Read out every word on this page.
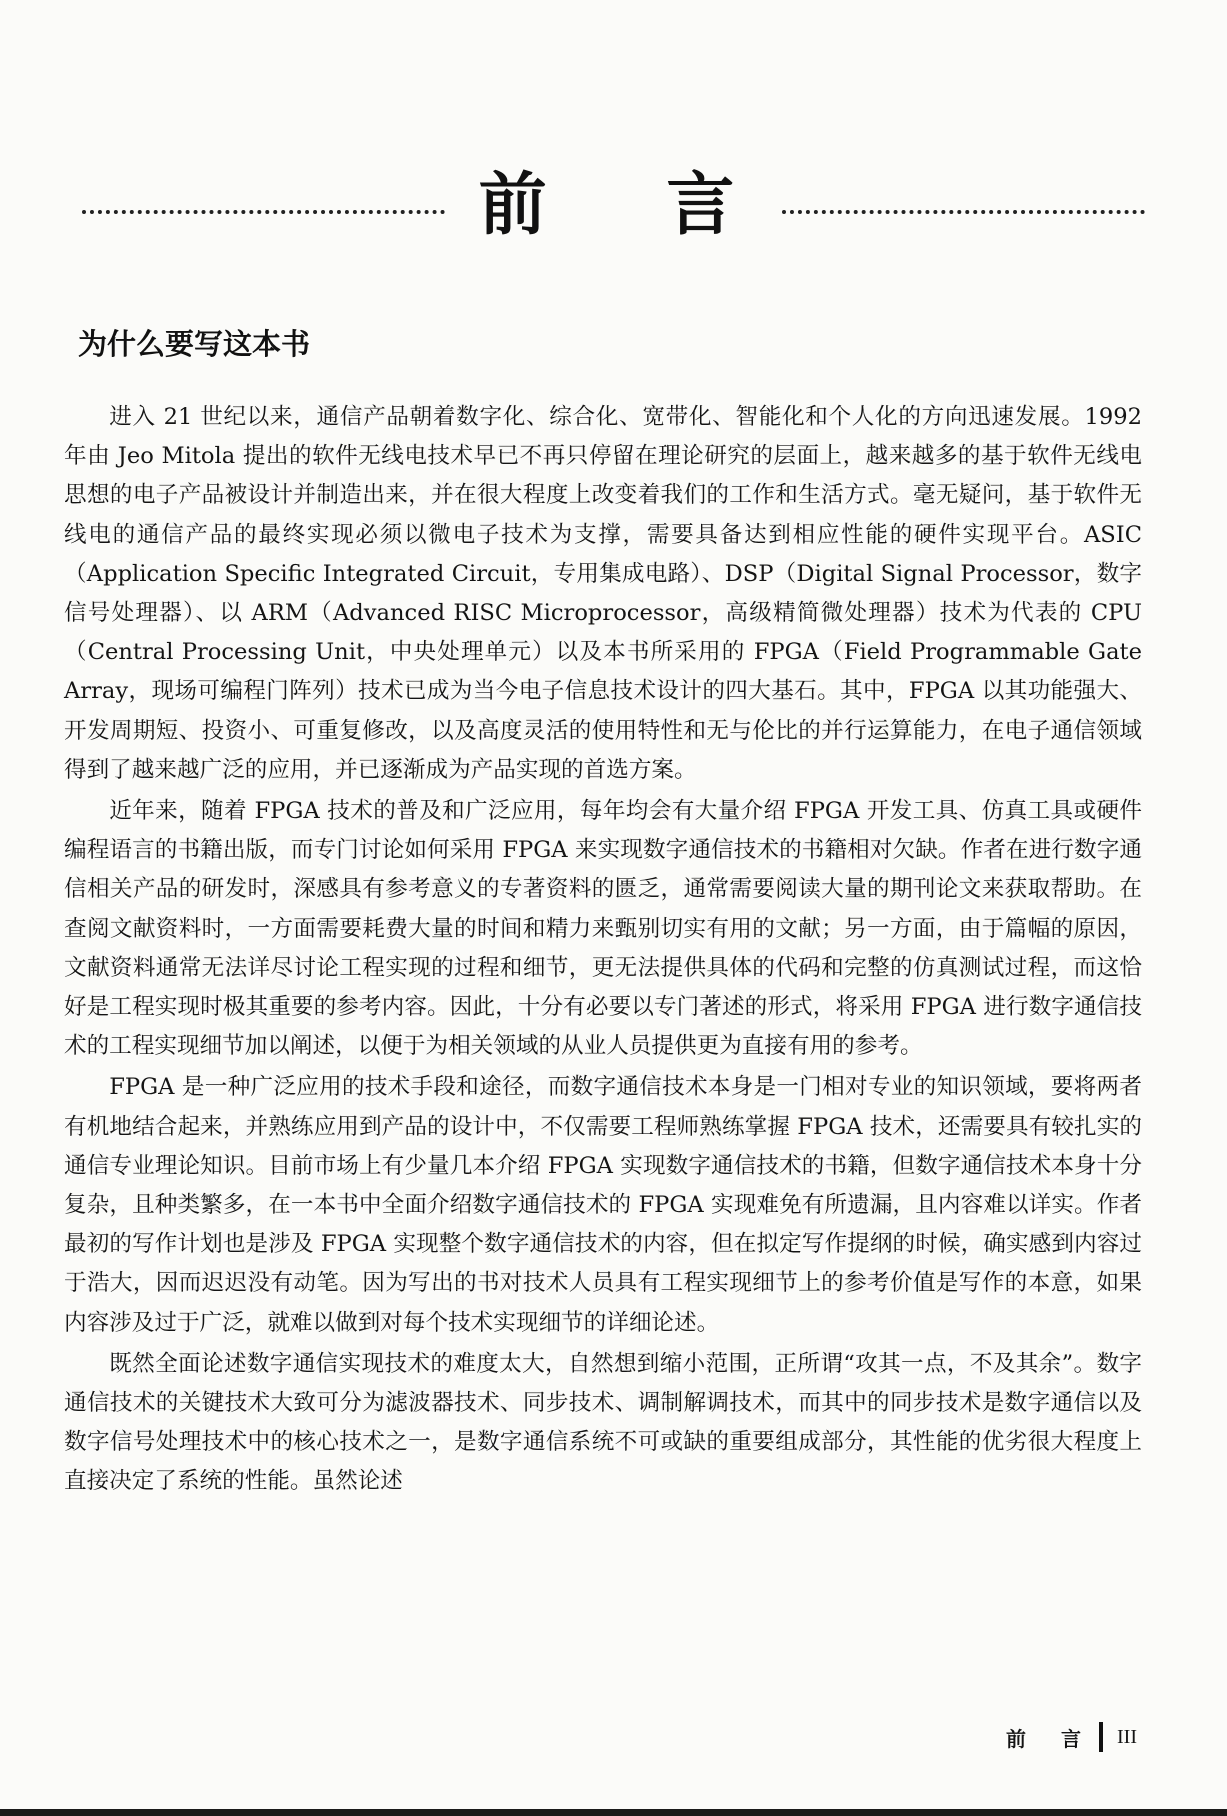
前 言
为什么要写这本书

进入 21 世纪以来，通信产品朝着数字化、综合化、宽带化、智能化和个人化的方向迅速发展。1992 年由 Jeo Mitola 提出的软件无线电技术早已不再只停留在理论研究的层面上，越来越多的基于软件无线电思想的电子产品被设计并制造出来，并在很大程度上改变着我们的工作和生活方式。毫无疑问，基于软件无线电的通信产品的最终实现必须以微电子技术为支撑，需要具备达到相应性能的硬件实现平台。ASIC（Application Specific Integrated Circuit，专用集成电路）、DSP（Digital Signal Processor，数字信号处理器）、以 ARM（Advanced RISC Microprocessor，高级精简微处理器）技术为代表的 CPU（Central Processing Unit，中央处理单元）以及本书所采用的 FPGA（Field Programmable Gate Array，现场可编程门阵列）技术已成为当今电子信息技术设计的四大基石。其中，FPGA 以其功能强大、开发周期短、投资小、可重复修改，以及高度灵活的使用特性和无与伦比的并行运算能力，在电子通信领域得到了越来越广泛的应用，并已逐渐成为产品实现的首选方案。

近年来，随着 FPGA 技术的普及和广泛应用，每年均会有大量介绍 FPGA 开发工具、仿真工具或硬件编程语言的书籍出版，而专门讨论如何采用 FPGA 来实现数字通信技术的书籍相对欠缺。作者在进行数字通信相关产品的研发时，深感具有参考意义的专著资料的匮乏，通常需要阅读大量的期刊论文来获取帮助。在查阅文献资料时，一方面需要耗费大量的时间和精力来甄别切实有用的文献；另一方面，由于篇幅的原因，文献资料通常无法详尽讨论工程实现的过程和细节，更无法提供具体的代码和完整的仿真测试过程，而这恰好是工程实现时极其重要的参考内容。因此，十分有必要以专门著述的形式，将采用 FPGA 进行数字通信技术的工程实现细节加以阐述，以便于为相关领域的从业人员提供更为直接有用的参考。

FPGA 是一种广泛应用的技术手段和途径，而数字通信技术本身是一门相对专业的知识领域，要将两者有机地结合起来，并熟练应用到产品的设计中，不仅需要工程师熟练掌握 FPGA 技术，还需要具有较扎实的通信专业理论知识。目前市场上有少量几本介绍 FPGA 实现数字通信技术的书籍，但数字通信技术本身十分复杂，且种类繁多，在一本书中全面介绍数字通信技术的 FPGA 实现难免有所遗漏，且内容难以详实。作者最初的写作计划也是涉及 FPGA 实现整个数字通信技术的内容，但在拟定写作提纲的时候，确实感到内容过于浩大，因而迟迟没有动笔。因为写出的书对技术人员具有工程实现细节上的参考价值是写作的本意，如果内容涉及过于广泛，就难以做到对每个技术实现细节的详细论述。

既然全面论述数字通信实现技术的难度太大，自然想到缩小范围，正所谓“攻其一点，不及其余”。数字通信技术的关键技术大致可分为滤波器技术、同步技术、调制解调技术，而其中的同步技术是数字通信以及数字信号处理技术中的核心技术之一，是数字通信系统不可或缺的重要组成部分，其性能的优劣很大程度上直接决定了系统的性能。虽然论述

前 言 III
